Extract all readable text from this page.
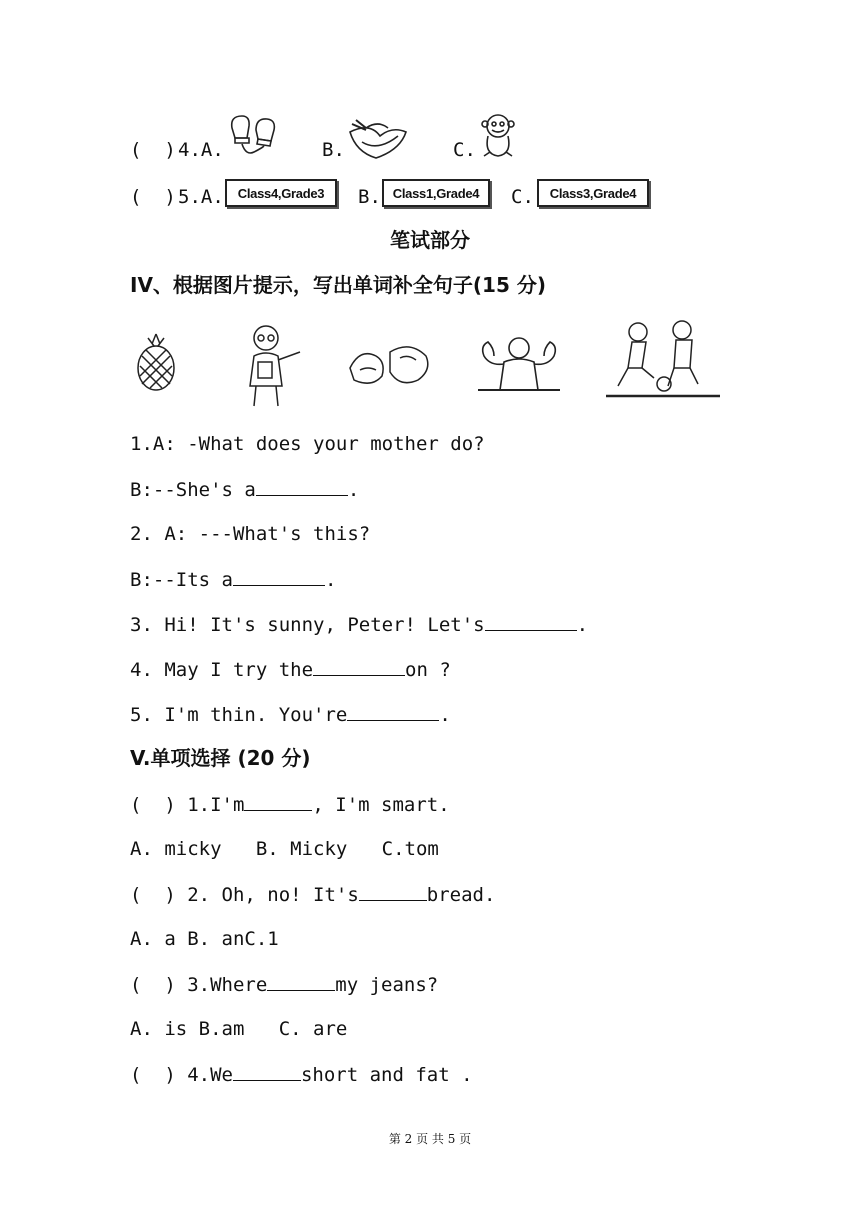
(  ) 4.A.	B.	C.
(  ) 5.A.	Class4,Grade3	B. Class1,Grade4	C.	Class3,Grade4
笔试部分
IV、根据图片提示，写出单词补全句子(15 分)
1.A: -What does your mother do?
B:--She's a	.
2. A: ---What's this?
B:--Its a	.
3. Hi! It's sunny, Peter! Let's	.
4. May I try the	on ?
5. I'm thin. You're	.
V.单项选择 (20 分)
(  ) 1.I'm	, I'm smart.
A. micky   B. Micky   C.tom
(  ) 2. Oh, no! It's	bread.
A. a B. anC.1
(  ) 3.Where	my jeans?
A. is B.am   C. are
(  ) 4.We	short and fat .
第 2 页 共 5 页
